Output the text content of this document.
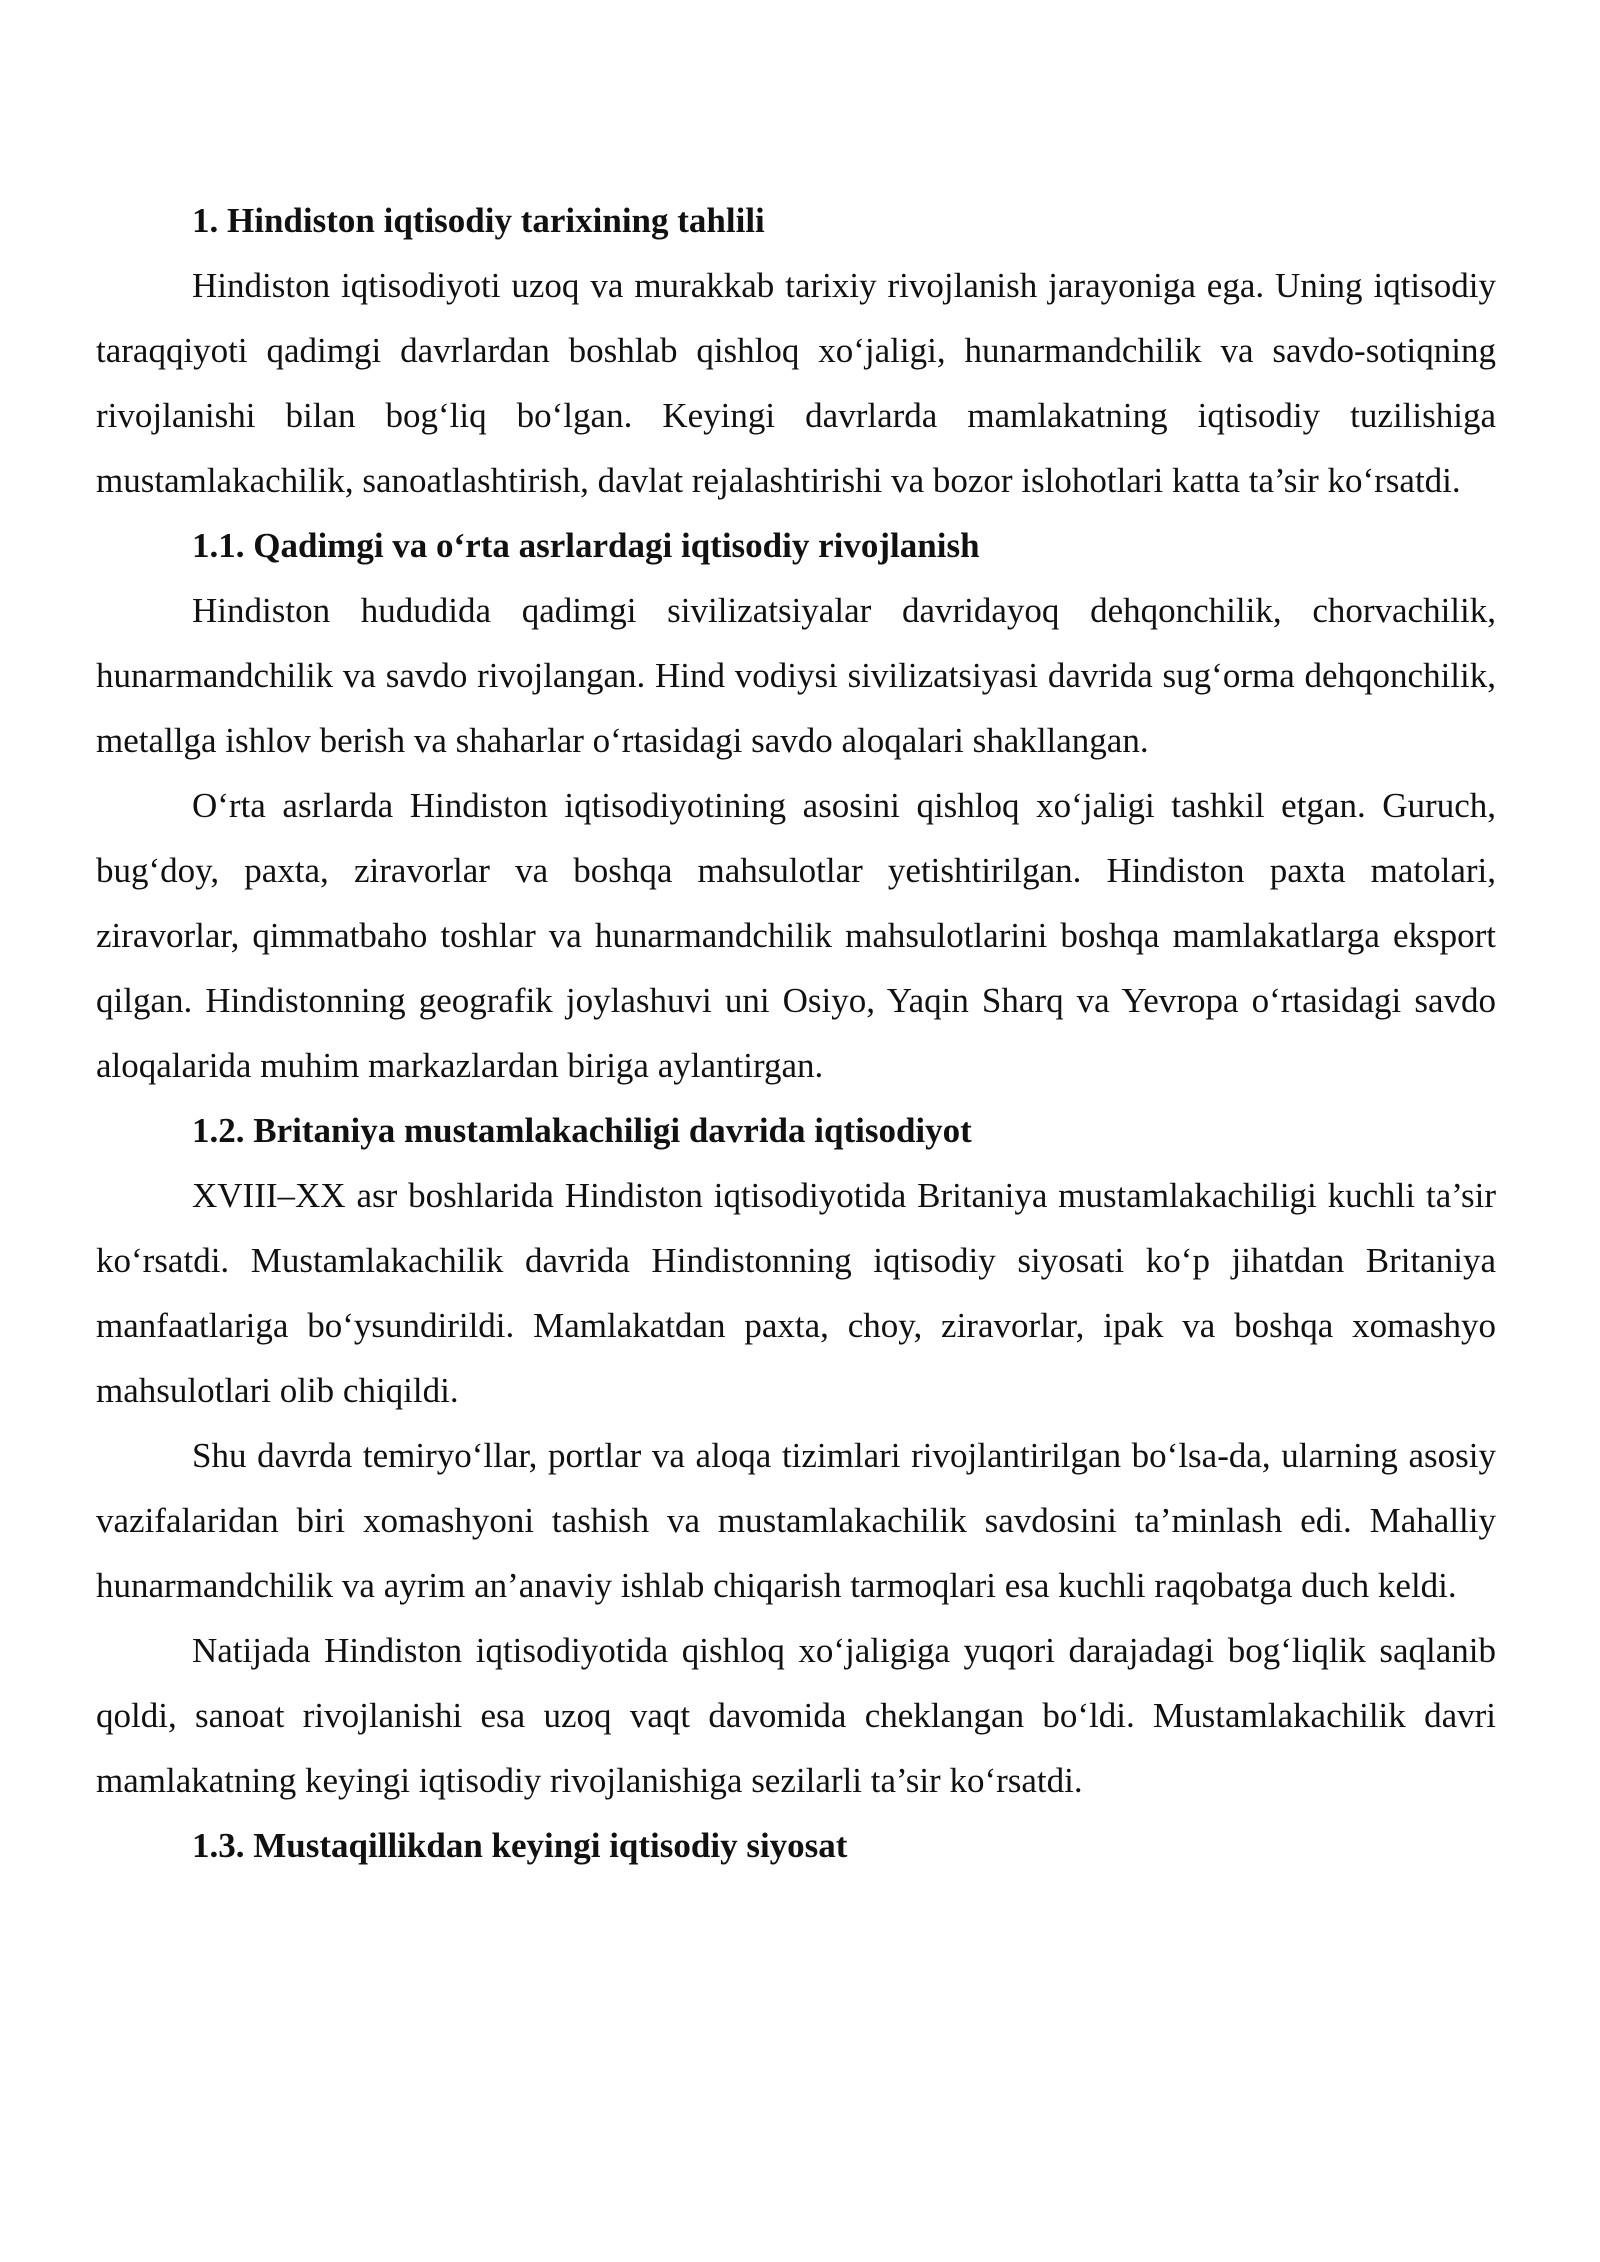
1. Hindiston iqtisodiy tarixining tahlili

Hindiston iqtisodiyoti uzoq va murakkab tarixiy rivojlanish jarayoniga ega. Uning iqtisodiy taraqqiyoti qadimgi davrlardan boshlab qishloq xo‘jaligi, hunarmandchilik va savdo-sotiqning rivojlanishi bilan bog‘liq bo‘lgan. Keyingi davrlarda mamlakatning iqtisodiy tuzilishiga mustamlakachilik, sanoatlashtirish, davlat rejalashtirishi va bozor islohotlari katta ta’sir ko‘rsatdi.

1.1. Qadimgi va o‘rta asrlardagi iqtisodiy rivojlanish

Hindiston hududida qadimgi sivilizatsiyalar davridayoq dehqonchilik, chorvachilik, hunarmandchilik va savdo rivojlangan. Hind vodiysi sivilizatsiyasi davrida sug‘orma dehqonchilik, metallga ishlov berish va shaharlar o‘rtasidagi savdo aloqalari shakllangan.

O‘rta asrlarda Hindiston iqtisodiyotining asosini qishloq xo‘jaligi tashkil etgan. Guruch, bug‘doy, paxta, ziravorlar va boshqa mahsulotlar yetishtirilgan. Hindiston paxta matolari, ziravorlar, qimmatbaho toshlar va hunarmandchilik mahsulotlarini boshqa mamlakatlarga eksport qilgan. Hindistonning geografik joylashuvi uni Osiyo, Yaqin Sharq va Yevropa o‘rtasidagi savdo aloqalarida muhim markazlardan biriga aylantirgan.

1.2. Britaniya mustamlakachiligi davrida iqtisodiyot

XVIII–XX asr boshlarida Hindiston iqtisodiyotida Britaniya mustamlakachiligi kuchli ta’sir ko‘rsatdi. Mustamlakachilik davrida Hindistonning iqtisodiy siyosati ko‘p jihatdan Britaniya manfaatlariga bo‘ysundirildi. Mamlakatdan paxta, choy, ziravorlar, ipak va boshqa xomashyo mahsulotlari olib chiqildi.

Shu davrda temiryo‘llar, portlar va aloqa tizimlari rivojlantirilgan bo‘lsa-da, ularning asosiy vazifalaridan biri xomashyoni tashish va mustamlakachilik savdosini ta’minlash edi. Mahalliy hunarmandchilik va ayrim an’anaviy ishlab chiqarish tarmoqlari esa kuchli raqobatga duch keldi.

Natijada Hindiston iqtisodiyotida qishloq xo‘jaligiga yuqori darajadagi bog‘liqlik saqlanib qoldi, sanoat rivojlanishi esa uzoq vaqt davomida cheklangan bo‘ldi. Mustamlakachilik davri mamlakatning keyingi iqtisodiy rivojlanishiga sezilarli ta’sir ko‘rsatdi.

1.3. Mustaqillikdan keyingi iqtisodiy siyosat
